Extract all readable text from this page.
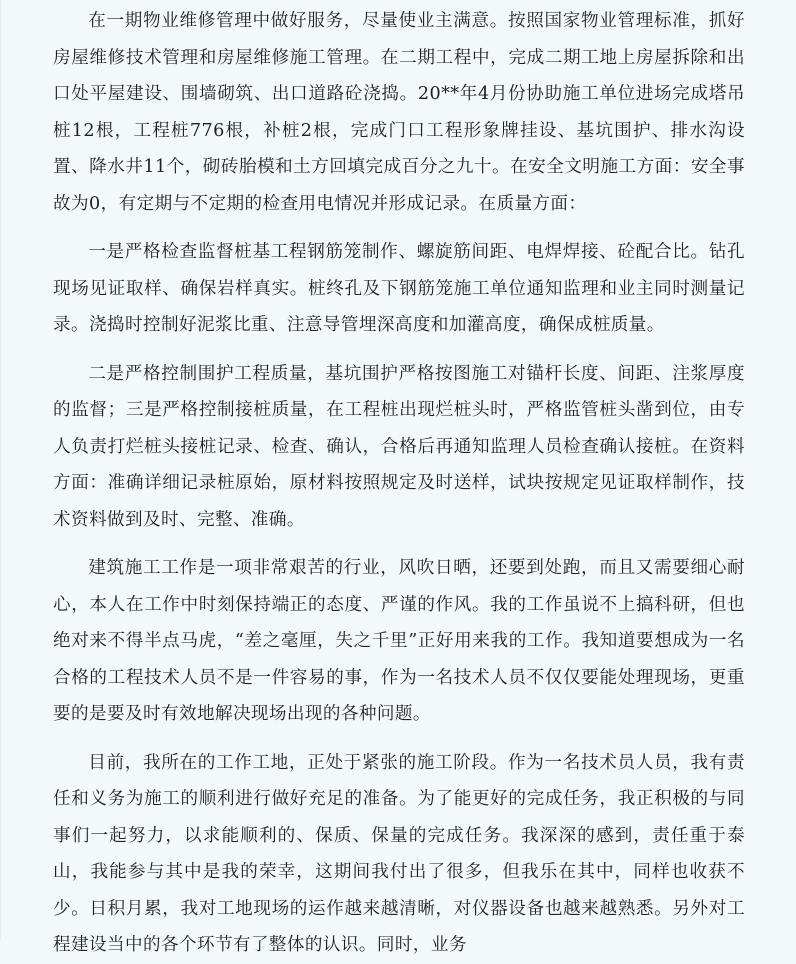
在一期物业维修管理中做好服务，尽量使业主满意。按照国家物业管理标准，抓好房屋维修技术管理和房屋维修施工管理。在二期工程中，完成二期工地上房屋拆除和出口处平屋建设、围墙砌筑、出口道路砼浇捣。20**年4月份协助施工单位进场完成塔吊桩12根，工程桩776根，补桩2根，完成门口工程形象牌挂设、基坑围护、排水沟设置、降水井11个，砌砖胎模和土方回填完成百分之九十。在安全文明施工方面：安全事故为0，有定期与不定期的检查用电情况并形成记录。在质量方面：

一是严格检查监督桩基工程钢筋笼制作、螺旋筋间距、电焊焊接、砼配合比。钻孔现场见证取样、确保岩样真实。桩终孔及下钢筋笼施工单位通知监理和业主同时测量记录。浇捣时控制好泥浆比重、注意导管埋深高度和加灌高度，确保成桩质量。

二是严格控制围护工程质量，基坑围护严格按图施工对锚杆长度、间距、注浆厚度的监督；三是严格控制接桩质量，在工程桩出现烂桩头时，严格监管桩头凿到位，由专人负责打烂桩头接桩记录、检查、确认，合格后再通知监理人员检查确认接桩。在资料方面：准确详细记录桩原始，原材料按照规定及时送样，试块按规定见证取样制作，技术资料做到及时、完整、准确。

建筑施工工作是一项非常艰苦的行业，风吹日晒，还要到处跑，而且又需要细心耐心，本人在工作中时刻保持端正的态度、严谨的作风。我的工作虽说不上搞科研，但也绝对来不得半点马虎，“差之毫厘，失之千里”正好用来我的工作。我知道要想成为一名合格的工程技术人员不是一件容易的事，作为一名技术人员不仅仅要能处理现场，更重要的是要及时有效地解决现场出现的各种问题。

目前，我所在的工作工地，正处于紧张的施工阶段。作为一名技术员人员，我有责任和义务为施工的顺利进行做好充足的准备。为了能更好的完成任务，我正积极的与同事们一起努力，以求能顺利的、保质、保量的完成任务。我深深的感到，责任重于泰山，我能参与其中是我的荣幸，这期间我付出了很多，但我乐在其中，同样也收获不少。日积月累，我对工地现场的运作越来越清晰，对仪器设备也越来越熟悉。另外对工程建设当中的各个环节有了整体的认识。同时，业务
